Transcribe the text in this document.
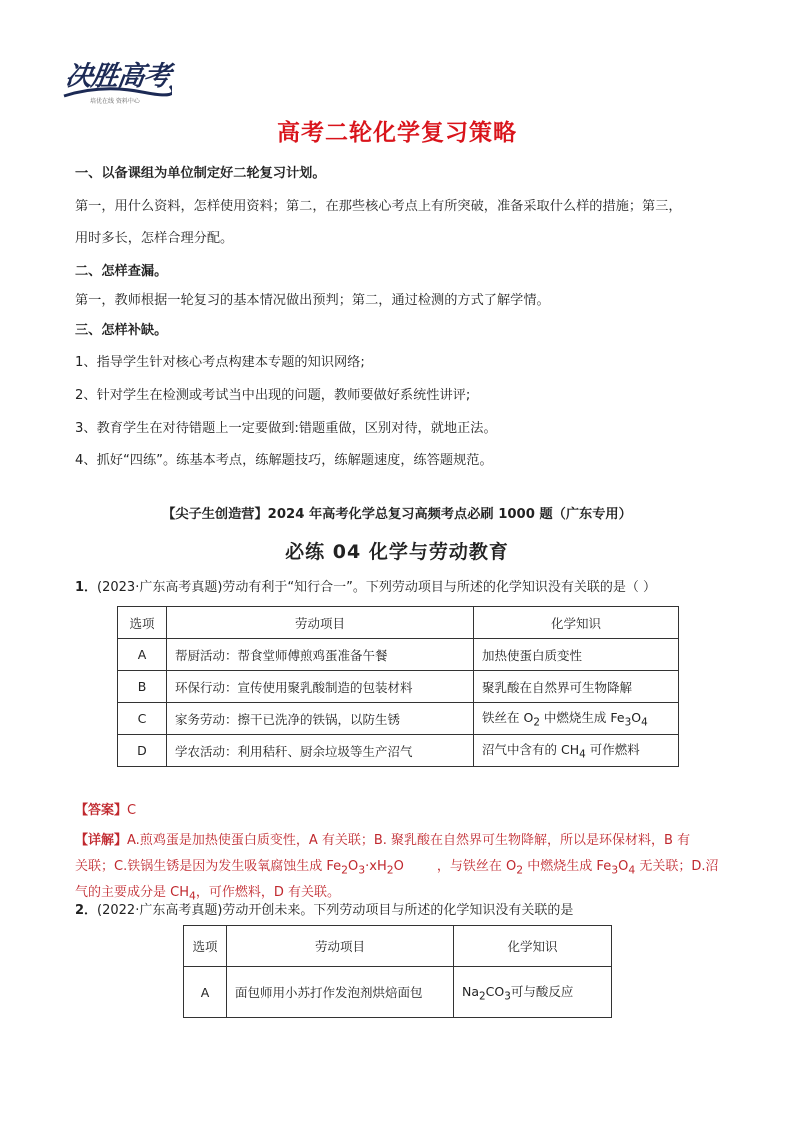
决胜高考
培优在线 资料中心
高考二轮化学复习策略
一、以备课组为单位制定好二轮复习计划。
第一，用什么资料，怎样使用资料；第二，在那些核心考点上有所突破，准备采取什么样的措施；第三，
用时多长，怎样合理分配。
二、怎样查漏。
第一，教师根据一轮复习的基本情况做出预判；第二，通过检测的方式了解学情。
三、怎样补缺。
1、指导学生针对核心考点构建本专题的知识网络;
2、针对学生在检测或考试当中出现的问题，教师要做好系统性讲评;
3、教育学生在对待错题上一定要做到:错题重做，区别对待，就地正法。
4、抓好“四练”。练基本考点，练解题技巧，练解题速度，练答题规范。
【尖子生创造营】2024 年高考化学总复习高频考点必刷 1000 题（广东专用）
必练 04 化学与劳动教育
1．(2023·广东高考真题)劳动有利于“知行合一”。下列劳动项目与所述的化学知识没有关联的是（ ）
选项	劳动项目	化学知识
A	帮厨活动：帮食堂师傅煎鸡蛋准备午餐	加热使蛋白质变性
B	环保行动：宣传使用聚乳酸制造的包装材料	聚乳酸在自然界可生物降解
C	家务劳动：擦干已洗净的铁锅，以防生锈	铁丝在 $O_2$ 中燃烧生成 $Fe_3O_4$
D	学农活动：利用秸秆、厨余垃圾等生产沼气	沼气中含有的 $CH_4$ 可作燃料
【答案】C
【详解】A.煎鸡蛋是加热使蛋白质变性，A 有关联；B. 聚乳酸在自然界可生物降解，所以是环保材料，B 有
关联；C.铁锅生锈是因为发生吸氧腐蚀生成 $Fe_2O_3\cdot xH_2O$        ，与铁丝在 $O_2$ 中燃烧生成 $Fe_3O_4$ 无关联；D.沼
气的主要成分是 $CH_4$，可作燃料，D 有关联。
2．(2022·广东高考真题)劳动开创未来。下列劳动项目与所述的化学知识没有关联的是
选项	劳动项目	化学知识
A	面包师用小苏打作发泡剂烘焙面包	$Na_2CO_3$可与酸反应
